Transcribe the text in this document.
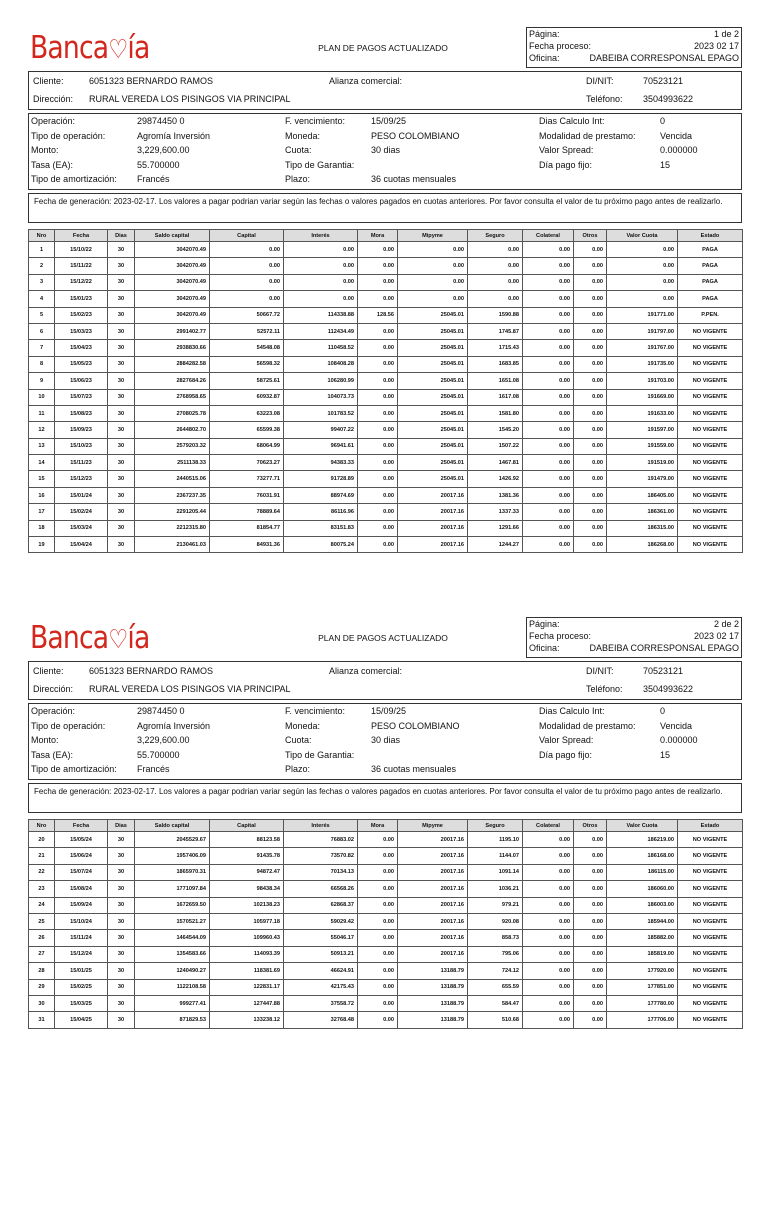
Banca♡ía	PLAN DE PAGOS ACTUALIZADO
Página:	1 de 2
Fecha proceso:	2023 02 17
Oficina:	DABEIBA CORRESPONSAL EPAGO
Cliente:	6051323 BERNARDO RAMOS	Alianza comercial:	DI/NIT:	70523121
Dirección: RURAL VEREDA LOS PISINGOS VIA PRINCIPAL	Teléfono: 3504993622
Operación:	29874450 0	F. vencimiento:	15/09/25	Dias Calculo Int:	0
Tipo de operación:	Agromía Inversión	Moneda:	PESO COLOMBIANO	Modalidad de prestamo:	Vencida
Monto:	3,229,600.00	Cuota:	30 dias	Valor Spread:	0.000000
Tasa (EA):	55.700000	Tipo de Garantia:	Día pago fijo:	15
Tipo de amortización: Francés	Plazo:	36 cuotas mensuales
Fecha de generación: 2023-02-17. Los valores a pagar podrian variar según las fechas o valores pagados en cuotas anteriores. Por favor consulta el valor de tu próximo pago antes de realizarlo.
Nro	Fecha	Dias	Saldo capital	Capital	Interés	Mora	Mipyme	Seguro	Colateral	Otros	Valor Cuota	Estado
1	15/10/22	30	3042070.49	0.00	0.00	0.00	0.00	0.00	0.00	0.00	0.00	PAGA
2	15/11/22	30	3042070.49	0.00	0.00	0.00	0.00	0.00	0.00	0.00	0.00	PAGA
3	15/12/22	30	3042070.49	0.00	0.00	0.00	0.00	0.00	0.00	0.00	0.00	PAGA
4	15/01/23	30	3042070.49	0.00	0.00	0.00	0.00	0.00	0.00	0.00	0.00	PAGA
5	15/02/23	30	3042070.49	50667.72	114338.88	128.56	25045.01	1590.88	0.00	0.00	191771.00	P.PEN.
6	15/03/23	30	2991402.77	52572.11	112434.49	0.00	25045.01	1745.87	0.00	0.00	191797.00	NO VIGENTE
7	15/04/23	30	2938830.66	54548.08	110458.52	0.00	25045.01	1715.43	0.00	0.00	191767.00	NO VIGENTE
8	15/05/23	30	2884282.58	56598.32	108408.28	0.00	25045.01	1683.85	0.00	0.00	191735.00	NO VIGENTE
9	15/06/23	30	2827684.26	58725.61	106280.99	0.00	25045.01	1651.08	0.00	0.00	191703.00	NO VIGENTE
10	15/07/23	30	2768958.65	60932.87	104073.73	0.00	25045.01	1617.08	0.00	0.00	191669.00	NO VIGENTE
11	15/08/23	30	2708025.78	63223.08	101783.52	0.00	25045.01	1581.80	0.00	0.00	191633.00	NO VIGENTE
12	15/09/23	30	2644802.70	65599.38	99407.22	0.00	25045.01	1545.20	0.00	0.00	191597.00	NO VIGENTE
13	15/10/23	30	2579203.32	68064.99	96941.61	0.00	25045.01	1507.22	0.00	0.00	191559.00	NO VIGENTE
14	15/11/23	30	2511138.33	70623.27	94383.33	0.00	25045.01	1467.81	0.00	0.00	191519.00	NO VIGENTE
15	15/12/23	30	2440515.06	73277.71	91728.89	0.00	25045.01	1426.92	0.00	0.00	191479.00	NO VIGENTE
16	15/01/24	30	2367237.35	76031.91	88974.69	0.00	20017.16	1381.36	0.00	0.00	186405.00	NO VIGENTE
17	15/02/24	30	2291205.44	78889.64	86116.96	0.00	20017.16	1337.33	0.00	0.00	186361.00	NO VIGENTE
18	15/03/24	30	2212315.80	81854.77	83151.83	0.00	20017.16	1291.66	0.00	0.00	186315.00	NO VIGENTE
19	15/04/24	30	2130461.03	84931.36	80075.24	0.00	20017.16	1244.27	0.00	0.00	186268.00	NO VIGENTE
Banca♡ía	PLAN DE PAGOS ACTUALIZADO
Página:	2 de 2
Fecha proceso:	2023 02 17
Oficina:	DABEIBA CORRESPONSAL EPAGO
Cliente:	6051323 BERNARDO RAMOS	Alianza comercial:	DI/NIT:	70523121
Dirección: RURAL VEREDA LOS PISINGOS VIA PRINCIPAL	Teléfono: 3504993622
Operación:	29874450 0	F. vencimiento:	15/09/25	Dias Calculo Int:	0
Tipo de operación:	Agromía Inversión	Moneda:	PESO COLOMBIANO	Modalidad de prestamo:	Vencida
Monto:	3,229,600.00	Cuota:	30 dias	Valor Spread:	0.000000
Tasa (EA):	55.700000	Tipo de Garantia:	Día pago fijo:	15
Tipo de amortización: Francés	Plazo:	36 cuotas mensuales
Fecha de generación: 2023-02-17. Los valores a pagar podrian variar según las fechas o valores pagados en cuotas anteriores. Por favor consulta el valor de tu próximo pago antes de realizarlo.
Nro	Fecha	Dias	Saldo capital	Capital	Interés	Mora	Mipyme	Seguro	Colateral	Otros	Valor Cuota	Estado
20	15/05/24	30	2045529.67	88123.58	76883.02	0.00	20017.16	1195.10	0.00	0.00	186219.00	NO VIGENTE
21	15/06/24	30	1957406.09	91435.78	73570.82	0.00	20017.16	1144.07	0.00	0.00	186168.00	NO VIGENTE
22	15/07/24	30	1865970.31	94872.47	70134.13	0.00	20017.16	1091.14	0.00	0.00	186115.00	NO VIGENTE
23	15/08/24	30	1771097.84	98438.34	66568.26	0.00	20017.16	1036.21	0.00	0.00	186060.00	NO VIGENTE
24	15/09/24	30	1672659.50	102138.23	62868.37	0.00	20017.16	979.21	0.00	0.00	186003.00	NO VIGENTE
25	15/10/24	30	1570521.27	105977.18	59029.42	0.00	20017.16	920.08	0.00	0.00	185944.00	NO VIGENTE
26	15/11/24	30	1464544.09	109960.43	55046.17	0.00	20017.16	858.73	0.00	0.00	185882.00	NO VIGENTE
27	15/12/24	30	1354583.66	114093.39	50913.21	0.00	20017.16	795.06	0.00	0.00	185819.00	NO VIGENTE
28	15/01/25	30	1240490.27	118381.69	46624.91	0.00	13188.79	724.12	0.00	0.00	177920.00	NO VIGENTE
29	15/02/25	30	1122108.58	122831.17	42175.43	0.00	13188.79	655.59	0.00	0.00	177851.00	NO VIGENTE
30	15/03/25	30	999277.41	127447.88	37558.72	0.00	13188.79	584.47	0.00	0.00	177780.00	NO VIGENTE
31	15/04/25	30	871829.53	133238.12	32768.48	0.00	13188.79	510.68	0.00	0.00	177706.00	NO VIGENTE
